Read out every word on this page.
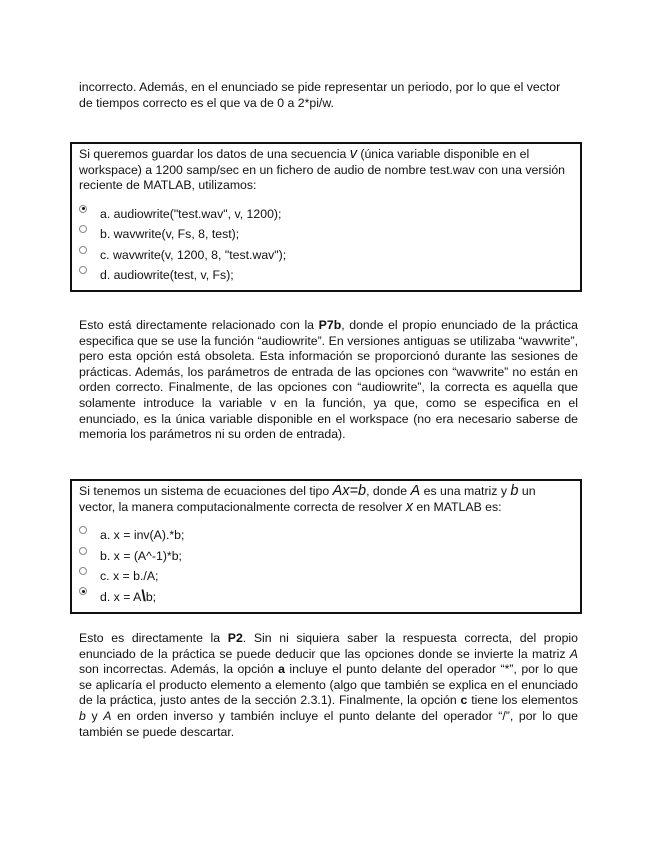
incorrecto. Además, en el enunciado se pide representar un periodo, por lo que el vector
de tiempos correcto es el que va de 0 a 2*pi/w.

Si queremos guardar los datos de una secuencia v (única variable disponible en el workspace) a 1200 samp/sec en un fichero de audio de nombre test.wav con una versión reciente de MATLAB, utilizamos:

a. audiowrite("test.wav", v, 1200);
b. wavwrite(v, Fs, 8, test);
c. wavwrite(v, 1200, 8, "test.wav");
d. audiowrite(test, v, Fs);
Esto está directamente relacionado con la P7b, donde el propio enunciado de la práctica especifica que se use la función “audiowrite”. En versiones antiguas se utilizaba “wavwrite”, pero esta opción está obsoleta. Esta información se proporcionó durante las sesiones de prácticas. Además, los parámetros de entrada de las opciones con “wavwrite” no están en orden correcto. Finalmente, de las opciones con “audiowrite”, la correcta es aquella que solamente introduce la variable v en la función, ya que, como se especifica en el enunciado, es la única variable disponible en el workspace (no era necesario saberse de memoria los parámetros ni su orden de entrada).

Si tenemos un sistema de ecuaciones del tipo Ax=b, donde A es una matriz y b un vector, la manera computacionalmente correcta de resolver x en MATLAB es:

a. x = inv(A).*b;
b. x = (A^-1)*b;
c. x = b./A;
d. x = A\b;
Esto es directamente la P2. Sin ni siquiera saber la respuesta correcta, del propio enunciado de la práctica se puede deducir que las opciones donde se invierte la matriz A son incorrectas. Además, la opción a incluye el punto delante del operador “*”, por lo que se aplicaría el producto elemento a elemento (algo que también se explica en el enunciado de la práctica, justo antes de la sección 2.3.1). Finalmente, la opción c tiene los elementos b y A en orden inverso y también incluye el punto delante del operador “/”, por lo que también se puede descartar.
